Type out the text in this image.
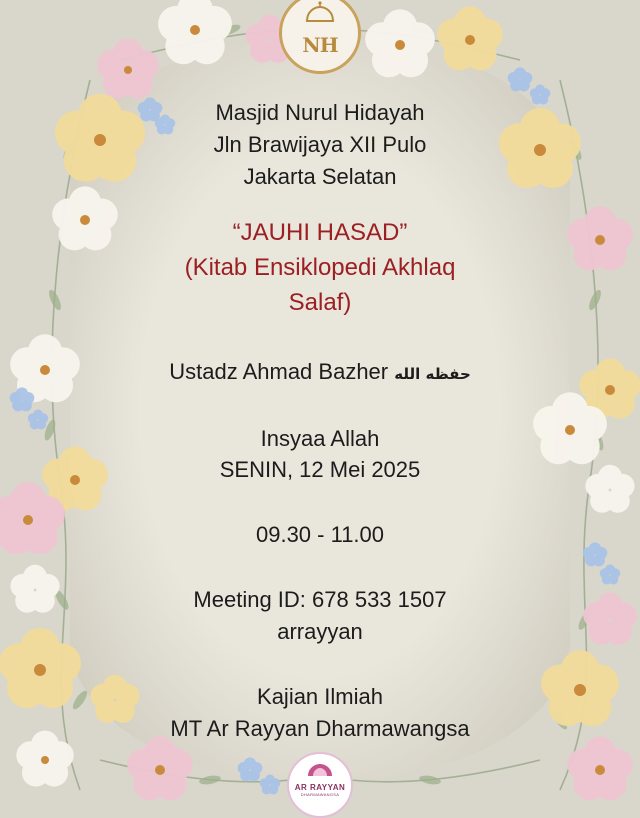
NH
Masjid Nurul Hidayah
Jln Brawijaya XII Pulo
Jakarta Selatan
“JAUHI HASAD”
(Kitab Ensiklopedi Akhlaq
Salaf)
Ustadz Ahmad Bazher حفظه الله
Insyaa Allah
SENIN, 12 Mei 2025
09.30 - 11.00
Meeting ID: 678 533 1507
arrayyan
Kajian Ilmiah
MT Ar Rayyan Dharmawangsa
AR RAYYAN
DHARMAWANGSA
